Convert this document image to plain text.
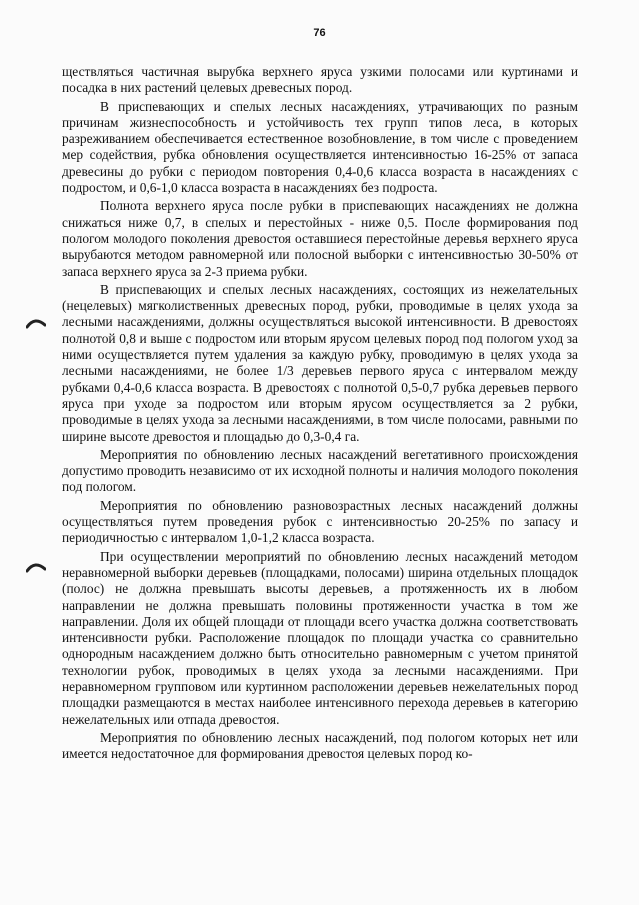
76

ществляться частичная вырубка верхнего яруса узкими полосами или куртинами и посадка в них растений целевых древесных пород.

В приспевающих и спелых лесных насаждениях, утрачивающих по разным причинам жизнеспособность и устойчивость тех групп типов леса, в которых разреживанием обеспечивается естественное возобновление, в том числе с проведением мер содействия, рубка обновления осуществляется интенсивностью 16-25% от запаса древесины до рубки с периодом повторения 0,4-0,6 класса возраста в насаждениях с подростом, и 0,6-1,0 класса возраста в насаждениях без подроста.

Полнота верхнего яруса после рубки в приспевающих насаждениях не должна снижаться ниже 0,7, в спелых и перестойных - ниже 0,5. После формирования под пологом молодого поколения древостоя оставшиеся перестойные деревья верхнего яруса вырубаются методом равномерной или полосной выборки с интенсивностью 30-50% от запаса верхнего яруса за 2-3 приема рубки.

В приспевающих и спелых лесных насаждениях, состоящих из нежелательных (нецелевых) мягколиственных древесных пород, рубки, проводимые в целях ухода за лесными насаждениями, должны осуществляться высокой интенсивности. В древостоях полнотой 0,8 и выше с подростом или вторым ярусом целевых пород под пологом уход за ними осуществляется путем удаления за каждую рубку, проводимую в целях ухода за лесными насаждениями, не более 1/3 деревьев первого яруса с интервалом между рубками 0,4-0,6 класса возраста. В древостоях с полнотой 0,5-0,7 рубка деревьев первого яруса при уходе за подростом или вторым ярусом осуществляется за 2 рубки, проводимые в целях ухода за лесными насаждениями, в том числе полосами, равными по ширине высоте древостоя и площадью до 0,3-0,4 га.

Мероприятия по обновлению лесных насаждений вегетативного происхождения допустимо проводить независимо от их исходной полноты и наличия молодого поколения под пологом.

Мероприятия по обновлению разновозрастных лесных насаждений должны осуществляться путем проведения рубок с интенсивностью 20-25% по запасу и периодичностью с интервалом 1,0-1,2 класса возраста.

При осуществлении мероприятий по обновлению лесных насаждений методом неравномерной выборки деревьев (площадками, полосами) ширина отдельных площадок (полос) не должна превышать высоты деревьев, а протяженность их в любом направлении не должна превышать половины протяженности участка в том же направлении. Доля их общей площади от площади всего участка должна соответствовать интенсивности рубки. Расположение площадок по площади участка со сравнительно однородным насаждением должно быть относительно равномерным с учетом принятой технологии рубок, проводимых в целях ухода за лесными насаждениями. При неравномерном групповом или куртинном расположении деревьев нежелательных пород площадки размещаются в местах наиболее интенсивного перехода деревьев в категорию нежелательных или отпада древостоя.

Мероприятия по обновлению лесных насаждений, под пологом которых нет или имеется недостаточное для формирования древостоя целевых пород ко-
